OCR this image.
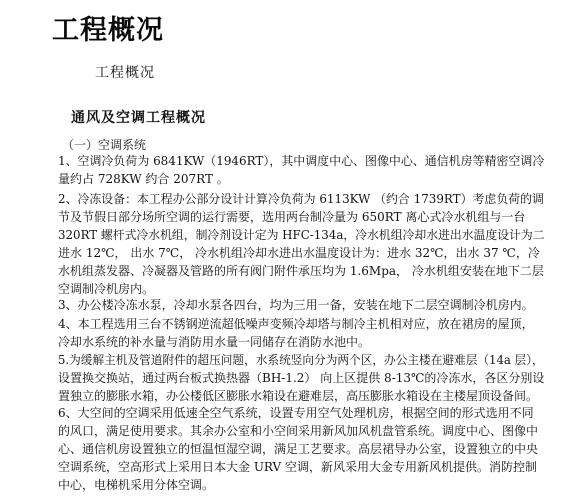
工程概况
工程概况
通风及空调工程概况
（一）空调系统
1、空调冷负荷为 6841KW（1946RT），其中调度中心、图像中心、通信机房等精密空调冷
量约占 728KW 约合 207RT 。
2、冷冻设备：本工程办公部分设计计算冷负荷为 6113KW （约合 1739RT）考虑负荷的调
节及节假日部分场所空调的运行需要，选用两台制冷量为 650RT 离心式冷水机组与一台
320RT 螺杆式冷水机组，制冷剂设计定为 HFC-134a，冷水机组冷却水进出水温度设计为二
进水 12℃， 出水 7℃， 冷水机组冷却水进出水温度设计为：进水 32℃，出水 37 ℃，冷
水机组蒸发器、冷凝器及管路的所有阀门附件承压均为 1.6Mpa， 冷水机组安装在地下二层
空调制冷机房内。
3、办公楼冷冻水泵，冷却水泵各四台，均为三用一备，安装在地下二层空调制冷机房内。
4、本工程选用三台不锈钢逆流超低噪声变频冷却塔与制冷主机相对应，放在裙房的屋顶，
冷却水系统的补水量与消防用水量一同储存在消防水池中。
5.为缓解主机及管道附件的超压问题，水系统竖向分为两个区，办公主楼在避难层（14a 层），
设置换交换站，通过两台板式换热器（BH-1.2） 向上区提供 8-13℃的冷冻水，各区分别设
置独立的膨胀水箱，办公楼低区膨胀水箱设在避难层，高压膨胀水箱设在主楼屋顶设备间。
6、大空间的空调采用低速全空气系统，设置专用空气处理机房，根据空间的形式选用不同
的风口，满足使用要求。其余办公室和小空间采用新风加风机盘管系统。调度中心、图像中
心、通信机房设置独立的恒温恒湿空调，满足工艺要求。高层裙导办公室，设置独立的中央
空调系统，空高形式上采用日本大金 URV 空调，新风采用大金专用新风机提供。消防控制
中心，电梯机采用分体空调。
